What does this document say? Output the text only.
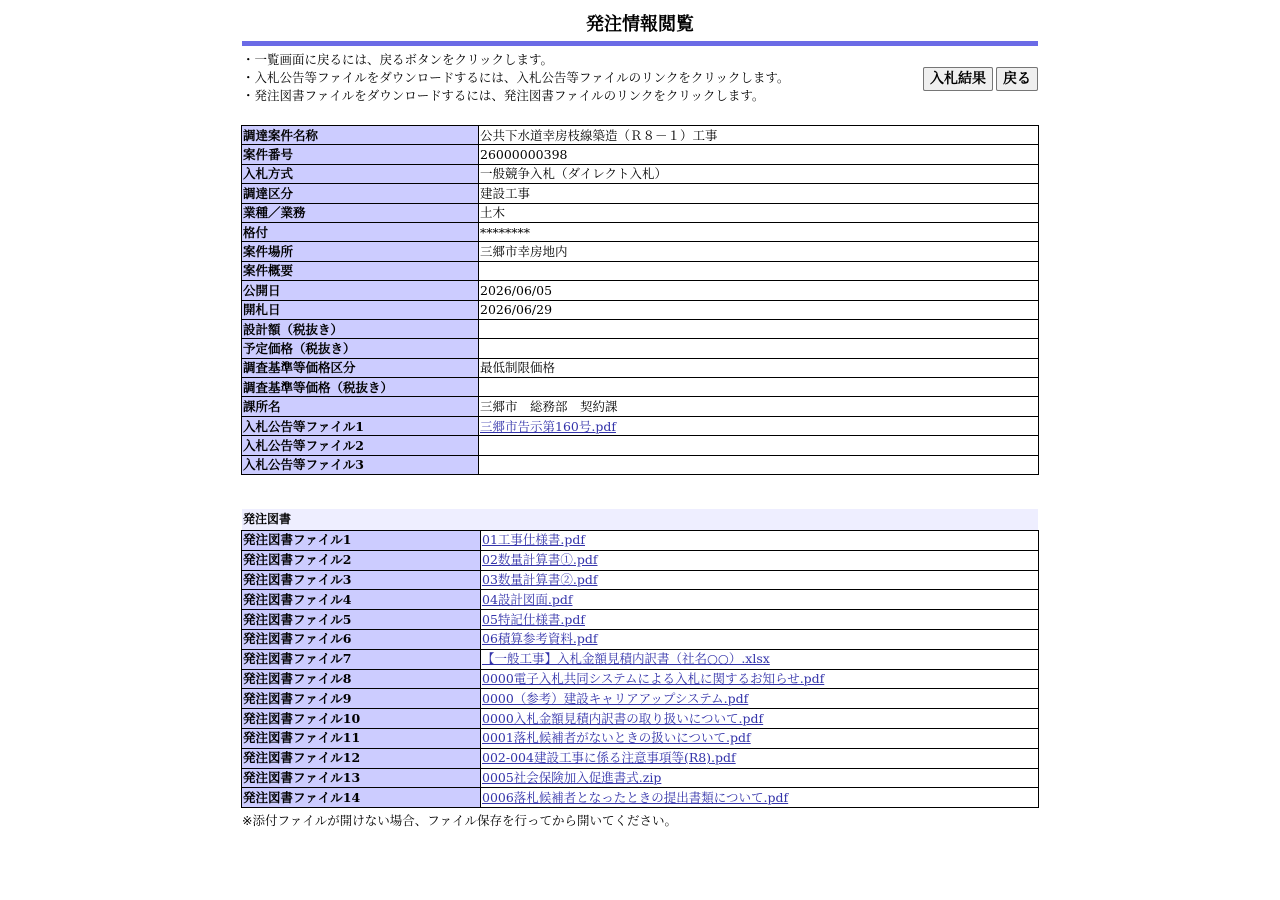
発注情報閲覧
・一覧画面に戻るには、戻るボタンをクリックします。
・入札公告等ファイルをダウンロードするには、入札公告等ファイルのリンクをクリックします。
・発注図書ファイルをダウンロードするには、発注図書ファイルのリンクをクリックします。
入札結果	戻る
調達案件名称	公共下水道幸房枝線築造（Ｒ８－１）工事
案件番号	26000000398
入札方式	一般競争入札（ダイレクト入札）
調達区分	建設工事
業種／業務	土木
格付	********
案件場所	三郷市幸房地内
案件概要	
公開日	2026/06/05
開札日	2026/06/29
設計額（税抜き）	
予定価格（税抜き）	
調査基準等価格区分	最低制限価格
調査基準等価格（税抜き）	
課所名	三郷市　総務部　契約課
入札公告等ファイル1	三郷市告示第160号.pdf
入札公告等ファイル2	
入札公告等ファイル3	
発注図書
発注図書ファイル1	01工事仕様書.pdf
発注図書ファイル2	02数量計算書①.pdf
発注図書ファイル3	03数量計算書②.pdf
発注図書ファイル4	04設計図面.pdf
発注図書ファイル5	05特記仕様書.pdf
発注図書ファイル6	06積算参考資料.pdf
発注図書ファイル7	【一般工事】入札金額見積内訳書（社名○○）.xlsx
発注図書ファイル8	0000電子入札共同システムによる入札に関するお知らせ.pdf
発注図書ファイル9	0000（参考）建設キャリアアップシステム.pdf
発注図書ファイル10	0000入札金額見積内訳書の取り扱いについて.pdf
発注図書ファイル11	0001落札候補者がないときの扱いについて.pdf
発注図書ファイル12	002-004建設工事に係る注意事項等(R8).pdf
発注図書ファイル13	0005社会保険加入促進書式.zip
発注図書ファイル14	0006落札候補者となったときの提出書類について.pdf
※添付ファイルが開けない場合、ファイル保存を行ってから開いてください。
